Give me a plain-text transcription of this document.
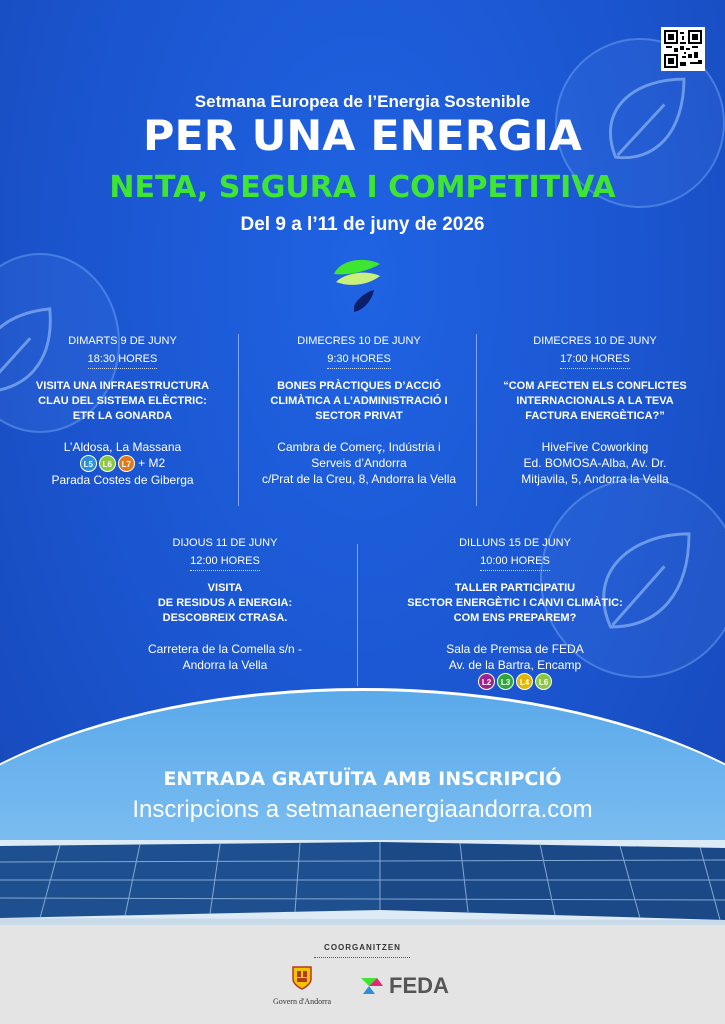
Setmana Europea de l’Energia Sostenible
PER UNA ENERGIA
NETA, SEGURA I COMPETITIVA
Del 9 a l’11 de juny de 2026
DIMARTS 9 DE JUNY
18:30 HORES
VISITA UNA INFRAESTRUCTURA
CLAU DEL SISTEMA ELÈCTRIC:
ETR LA GONARDA
L’Aldosa, La Massana
L5	L6	L7 + M2
Parada Costes de Giberga
DIMECRES 10 DE JUNY
9:30 HORES
BONES PRÀCTIQUES D’ACCIÓ
CLIMÀTICA A L’ADMINISTRACIÓ I
SECTOR PRIVAT
Cambra de Comerç, Indústria i
Serveis d’Andorra
c/Prat de la Creu, 8, Andorra la Vella
DIMECRES 10 DE JUNY
17:00 HORES
“COM AFECTEN ELS CONFLICTES
INTERNACIONALS A LA TEVA
FACTURA ENERGÈTICA?”
HiveFive Coworking
Ed. BOMOSA-Alba, Av. Dr.
Mitjavila, 5, Andorra la Vella
DIJOUS 11 DE JUNY
12:00 HORES
VISITA
DE RESIDUS A ENERGIA:
DESCOBREIX CTRASA.
Carretera de la Comella s/n -
Andorra la Vella
DILLUNS 15 DE JUNY
10:00 HORES
TALLER PARTICIPATIU
SECTOR ENERGÈTIC I CANVI CLIMÀTIC:
COM ENS PREPAREM?
Sala de Premsa de FEDA
Av. de la Bartra, Encamp
L2	L3	L4	L6
ENTRADA GRATUÏTA AMB INSCRIPCIÓ
Inscripcions a setmanaenergiaandorra.com
COORGANITZEN
Govern d'Andorra
FEDA
